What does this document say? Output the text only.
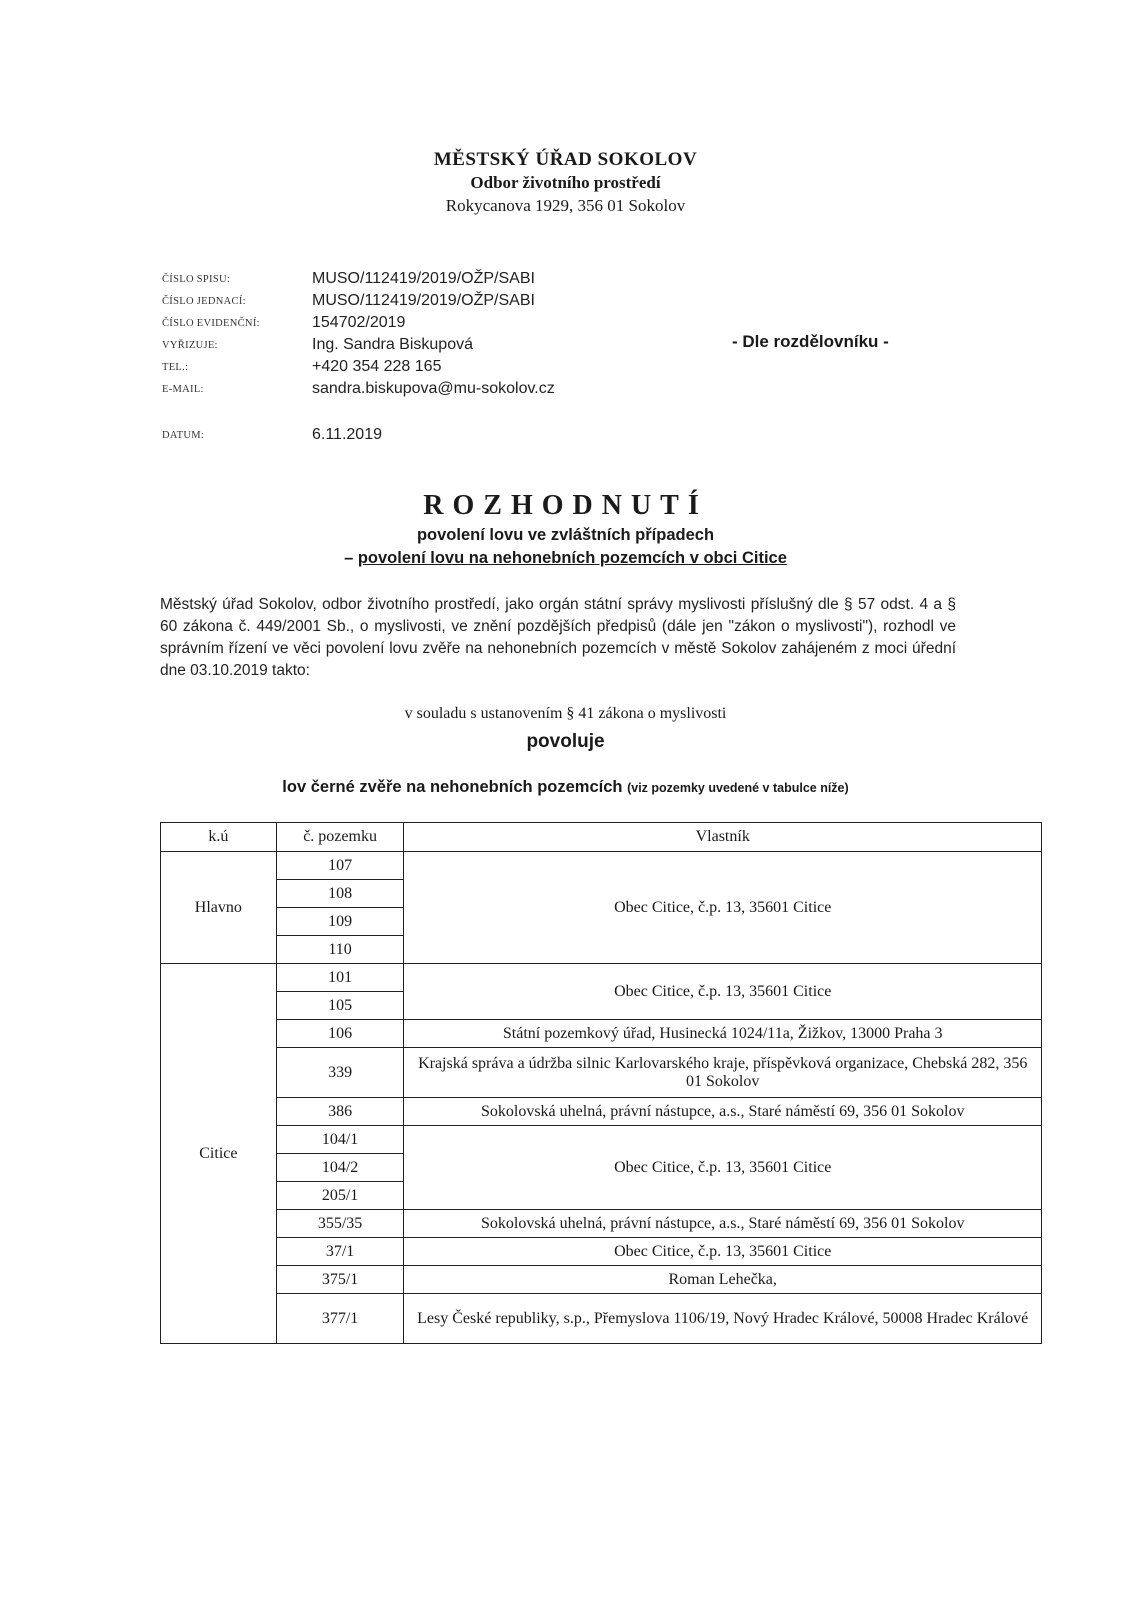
MĚSTSKÝ ÚŘAD SOKOLOV
Odbor životního prostředí
Rokycanova 1929, 356 01 Sokolov
ČÍSLO SPISU:	MUSO/112419/2019/OŽP/SABI
ČÍSLO JEDNACÍ:	MUSO/112419/2019/OŽP/SABI
ČÍSLO EVIDENČNÍ:	154702/2019
VYŘIZUJE:	Ing. Sandra Biskupová
TEL.:	+420 354 228 165
E-MAIL:	sandra.biskupova@mu-sokolov.cz
DATUM:	6.11.2019
- Dle rozdělovníku -
ROZHODNUTÍ
povolení lovu ve zvláštních případech
– povolení lovu na nehonebních pozemcích v obci Citice
Městský úřad Sokolov, odbor životního prostředí, jako orgán státní správy myslivosti příslušný dle § 57 odst. 4 a § 60 zákona č. 449/2001 Sb., o myslivosti, ve znění pozdějších předpisů (dále jen "zákon o myslivosti"), rozhodl ve správním řízení ve věci povolení lovu zvěře na nehonebních pozemcích v městě Sokolov zahájeném z moci úřední dne 03.10.2019 takto:
v souladu s ustanovením § 41 zákona o myslivosti
povoluje
lov černé zvěře na nehonebních pozemcích (viz pozemky uvedené v tabulce níže)
k.ú	č. pozemku	Vlastník
Hlavno	107	Obec Citice, č.p. 13, 35601 Citice
	108	
	109	
	110	
Citice	101	Obec Citice, č.p. 13, 35601 Citice
	105	
	106	Státní pozemkový úřad, Husinecká 1024/11a, Žižkov, 13000 Praha 3
	339	Krajská správa a údržba silnic Karlovarského kraje, příspěvková organizace, Chebská 282, 356 01 Sokolov
	386	Sokolovská uhelná, právní nástupce, a.s., Staré náměstí 69, 356 01 Sokolov
	104/1	Obec Citice, č.p. 13, 35601 Citice
	104/2	
	205/1	
	355/35	Sokolovská uhelná, právní nástupce, a.s., Staré náměstí 69, 356 01 Sokolov
	37/1	Obec Citice, č.p. 13, 35601 Citice
	375/1	Roman Lehečka,
	377/1	Lesy České republiky, s.p., Přemyslova 1106/19, Nový Hradec Králové, 50008 Hradec Králové
